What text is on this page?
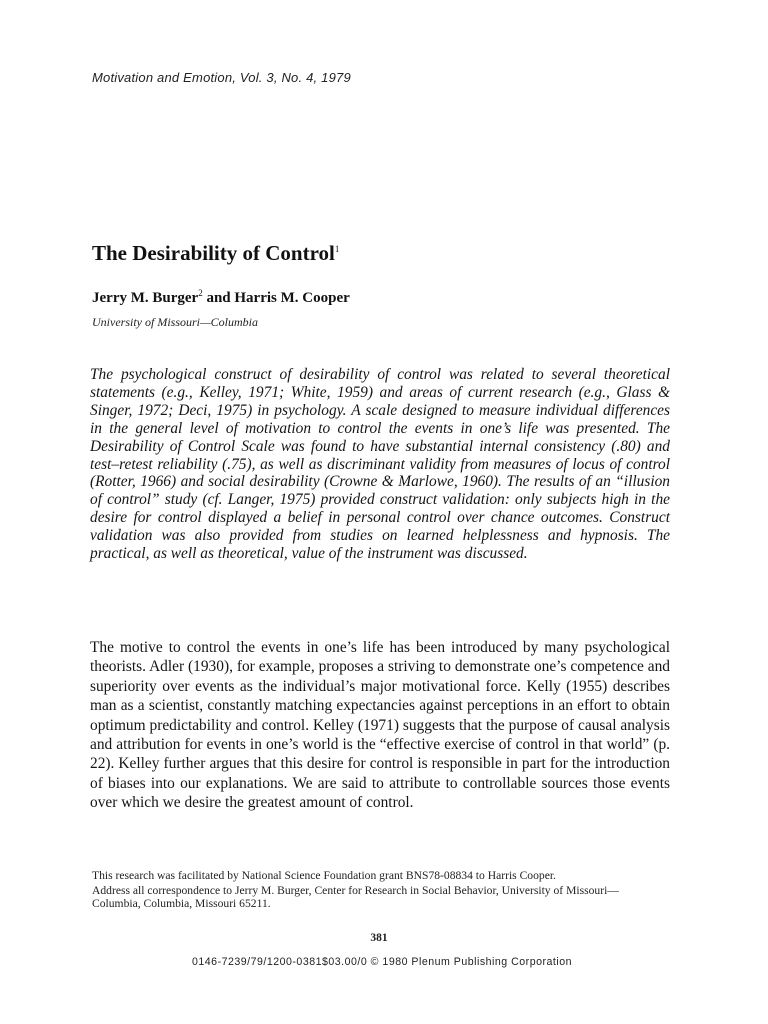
Motivation and Emotion, Vol. 3, No. 4, 1979
The Desirability of Control$^1$
Jerry M. Burger$^2$ and Harris M. Cooper
University of Missouri—Columbia
The psychological construct of desirability of control was related to several theoretical statements (e.g., Kelley, 1971; White, 1959) and areas of current research (e.g., Glass & Singer, 1972; Deci, 1975) in psychology. A scale designed to measure individual differences in the general level of motivation to control the events in one’s life was presented. The Desirability of Control Scale was found to have substantial internal consistency (.80) and test–retest reliability (.75), as well as discriminant validity from measures of locus of control (Rotter, 1966) and social desirability (Crowne & Marlowe, 1960). The results of an “illusion of control” study (cf. Langer, 1975) provided construct validation: only subjects high in the desire for control displayed a belief in personal control over chance outcomes. Construct validation was also provided from studies on learned helplessness and hypnosis. The practical, as well as theoretical, value of the instrument was discussed.
The motive to control the events in one’s life has been introduced by many psychological theorists. Adler (1930), for example, proposes a striving to demonstrate one’s competence and superiority over events as the individual’s major motivational force. Kelly (1955) describes man as a scientist, constantly matching expectancies against perceptions in an effort to obtain optimum predictability and control. Kelley (1971) suggests that the purpose of causal analysis and attribution for events in one’s world is the “effective exercise of control in that world” (p. 22). Kelley further argues that this desire for control is responsible in part for the introduction of biases into our explanations. We are said to attribute to controllable sources those events over which we desire the greatest amount of control.

This research was facilitated by National Science Foundation grant BNS78-08834 to Harris Cooper.

Address all correspondence to Jerry M. Burger, Center for Research in Social Behavior, University of Missouri—Columbia, Columbia, Missouri 65211.

381
0146-7239/79/1200-0381$03.00/0 © 1980 Plenum Publishing Corporation
